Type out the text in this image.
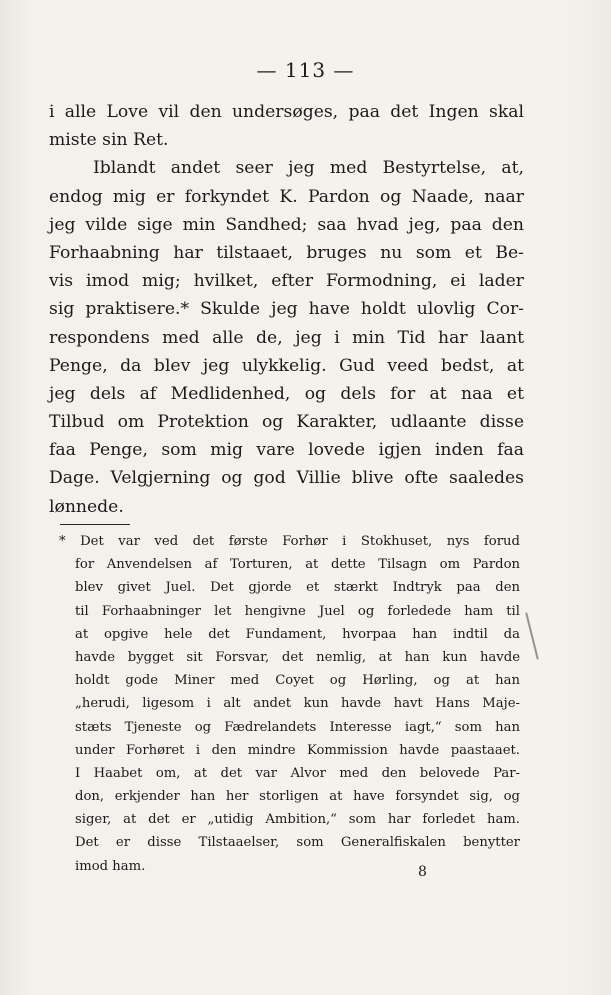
— 113 —
i alle Love vil den undersøges, paa det Ingen skal
miste sin Ret.
Iblandt andet seer jeg med Bestyrtelse, at,
endog mig er forkyndet K. Pardon og Naade, naar
jeg vilde sige min Sandhed; saa hvad jeg, paa den
Forhaabning har tilstaaet, bruges nu som et Be-
vis imod mig; hvilket, efter Formodning, ei lader
sig praktisere.* Skulde jeg have holdt ulovlig Cor-
respondens med alle de, jeg i min Tid har laant
Penge, da blev jeg ulykkelig. Gud veed bedst, at
jeg dels af Medlidenhed, og dels for at naa et
Tilbud om Protektion og Karakter, udlaante disse
faa Penge, som mig vare lovede igjen inden faa
Dage. Velgjerning og god Villie blive ofte saaledes
lønnede.
* Det var ved det første Forhør i Stokhuset, nys forud
for Anvendelsen af Torturen, at dette Tilsagn om Pardon
blev givet Juel. Det gjorde et stærkt Indtryk paa den
til Forhaabninger let hengivne Juel og forledede ham til
at opgive hele det Fundament, hvorpaa han indtil da
havde bygget sit Forsvar, det nemlig, at han kun havde
holdt gode Miner med Coyet og Hørling, og at han
„herudi, ligesom i alt andet kun havde havt Hans Maje-
stæts Tjeneste og Fædrelandets Interesse iagt,“ som han
under Forhøret i den mindre Kommission havde paastaaet.
I Haabet om, at det var Alvor med den belovede Par-
don, erkjender han her storligen at have forsyndet sig, og
siger, at det er „utidig Ambition,“ som har forledet ham.
Det er disse Tilstaaelser, som Generalfiskalen benytter
imod ham.	8
